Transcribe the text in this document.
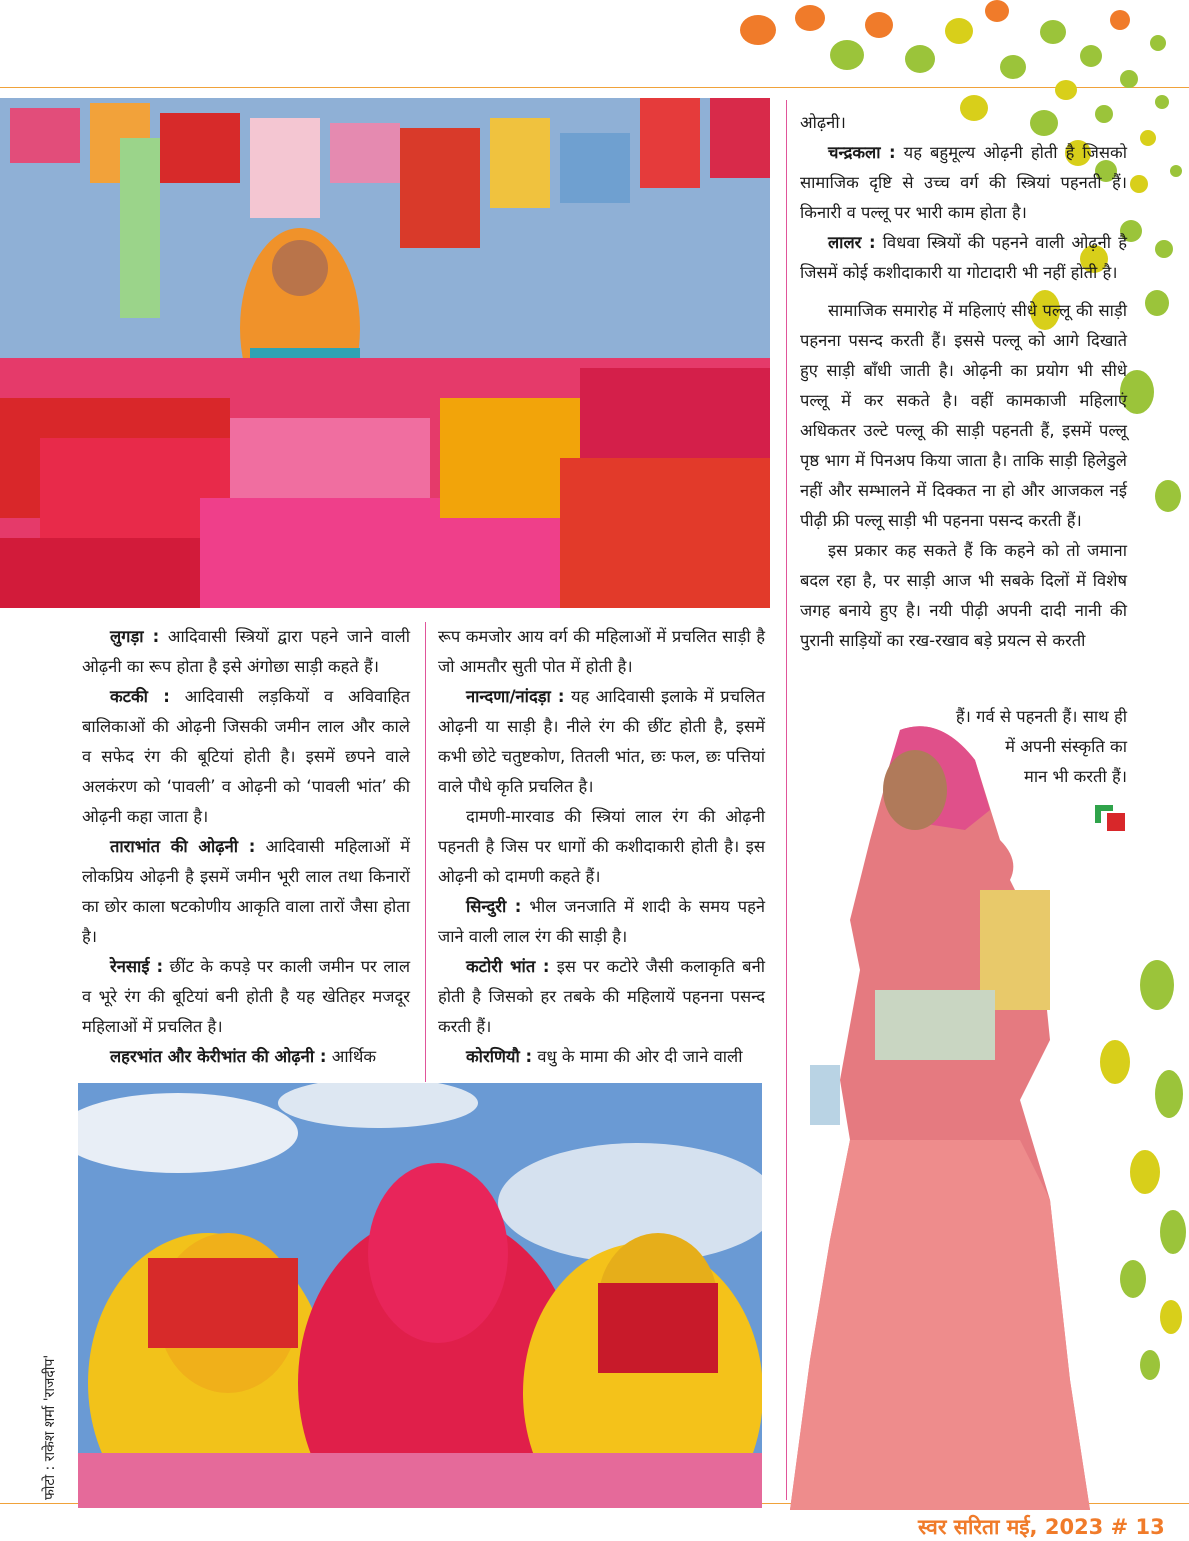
ओढ़नी।

चन्द्रकला : यह बहुमूल्य ओढ़नी होती है जिसको सामाजिक दृष्टि से उच्च वर्ग की स्त्रियां पहनती हैं। किनारी व पल्लू पर भारी काम होता है।

लालर : विधवा स्त्रियों की पहनने वाली ओढ़नी है जिसमें कोई कशीदाकारी या गोटादारी भी नहीं होती है।

सामाजिक समारोह में महिलाएं सीधे पल्लू की साड़ी पहनना पसन्द करती हैं। इससे पल्लू को आगे दिखाते हुए साड़ी बाँधी जाती है। ओढ़नी का प्रयोग भी सीधे पल्लू में कर सकते है। वहीं कामकाजी महिलाएं अधिकतर उल्टे पल्लू की साड़ी पहनती हैं, इसमें पल्लू पृष्ठ भाग में पिनअप किया जाता है। ताकि साड़ी हिलेडुले नहीं और सम्भालने में दिक्कत ना हो और आजकल नई पीढ़ी फ्री पल्लू साड़ी भी पहनना पसन्द करती हैं।

इस प्रकार कह सकते हैं कि कहने को तो जमाना बदल रहा है, पर साड़ी आज भी सबके दिलों में विशेष जगह बनाये हुए है। नयी पीढ़ी अपनी दादी नानी की पुरानी साड़ियों का रख-रखाव बड़े प्रयत्न से करती

हैं। गर्व से पहनती हैं। साथ ही

में अपनी संस्कृति का

मान भी करती हैं।

लुगड़ा : आदिवासी स्त्रियों द्वारा पहने जाने वाली ओढ़नी का रूप होता है इसे अंगोछा साड़ी कहते हैं।

कटकी : आदिवासी लड़कियों व अविवाहित बालिकाओं की ओढ़नी जिसकी जमीन लाल और काले व सफेद रंग की बूटियां होती है। इसमें छपने वाले अलकंरण को ‘पावली’ व ओढ़नी को ‘पावली भांत’ की ओढ़नी कहा जाता है।

ताराभांत की ओढ़नी : आदिवासी महिलाओं में लोकप्रिय ओढ़नी है इसमें जमीन भूरी लाल तथा किनारों का छोर काला षटकोणीय आकृति वाला तारों जैसा होता है।

रेनसाई : छींट के कपड़े पर काली जमीन पर लाल व भूरे रंग की बूटियां बनी होती है यह खेतिहर मजदूर महिलाओं में प्रचलित है।

लहरभांत और केरीभांत की ओढ़नी : आर्थिक

रूप कमजोर आय वर्ग की महिलाओं में प्रचलित साड़ी है जो आमतौर सुती पोत में होती है।

नान्दणा/नांदड़ा : यह आदिवासी इलाके में प्रचलित ओढ़नी या साड़ी है। नीले रंग की छींट होती है, इसमें कभी छोटे चतुष्टकोण, तितली भांत, छः फल, छः पत्तियां वाले पौधे कृति प्रचलित है।

दामणी-मारवाड की स्त्रियां लाल रंग की ओढ़नी पहनती है जिस पर धागों की कशीदाकारी होती है। इस ओढ़नी को दामणी कहते हैं।

सिन्दुरी : भील जनजाति में शादी के समय पहने जाने वाली लाल रंग की साड़ी है।

कटोरी भांत : इस पर कटोरे जैसी कलाकृति बनी होती है जिसको हर तबके की महिलायें पहनना पसन्द करती हैं।

कोरणियौ : वधु के मामा की ओर दी जाने वाली

फोटो : राकेश शर्मा 'राजदीप'
स्वर सरिता मई, 2023 # 13
